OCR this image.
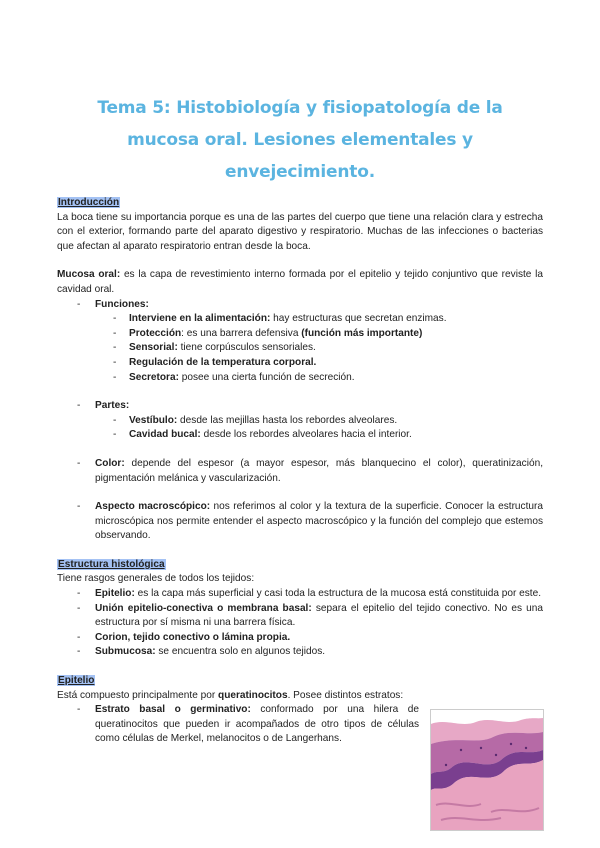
Tema 5: Histobiología y fisiopatología de la mucosa oral. Lesiones elementales y envejecimiento.
Introducción

La boca tiene su importancia porque es una de las partes del cuerpo que tiene una relación clara y estrecha con el exterior, formando parte del aparato digestivo y respiratorio. Muchas de las infecciones o bacterias que afectan al aparato respiratorio entran desde la boca.

Mucosa oral: es la capa de revestimiento interno formada por el epitelio y tejido conjuntivo que reviste la cavidad oral.

- Funciones:
- Interviene en la alimentación: hay estructuras que secretan enzimas.
- Protección: es una barrera defensiva (función más importante)
- Sensorial: tiene corpúsculos sensoriales.
- Regulación de la temperatura corporal.
- Secretora: posee una cierta función de secreción.
- Partes:
- Vestíbulo: desde las mejillas hasta los rebordes alveolares.
- Cavidad bucal: desde los rebordes alveolares hacia el interior.
- Color: depende del espesor (a mayor espesor, más blanquecino el color), queratinización, pigmentación melánica y vascularización.
- Aspecto macroscópico: nos referimos al color y la textura de la superficie. Conocer la estructura microscópica nos permite entender el aspecto macroscópico y la función del complejo que estemos observando.
Estructura histológica

Tiene rasgos generales de todos los tejidos:

- Epitelio: es la capa más superficial y casi toda la estructura de la mucosa está constituida por este.
- Unión epitelio-conectiva o membrana basal: separa el epitelio del tejido conectivo. No es una estructura por sí misma ni una barrera física.
- Corion, tejido conectivo o lámina propia.
- Submucosa: se encuentra solo en algunos tejidos.
Epitelio

Está compuesto principalmente por queratinocitos. Posee distintos estratos:

- Estrato basal o germinativo: conformado por una hilera de queratinocitos que pueden ir acompañados de otro tipos de células como células de Merkel, melanocitos o de Langerhans.
